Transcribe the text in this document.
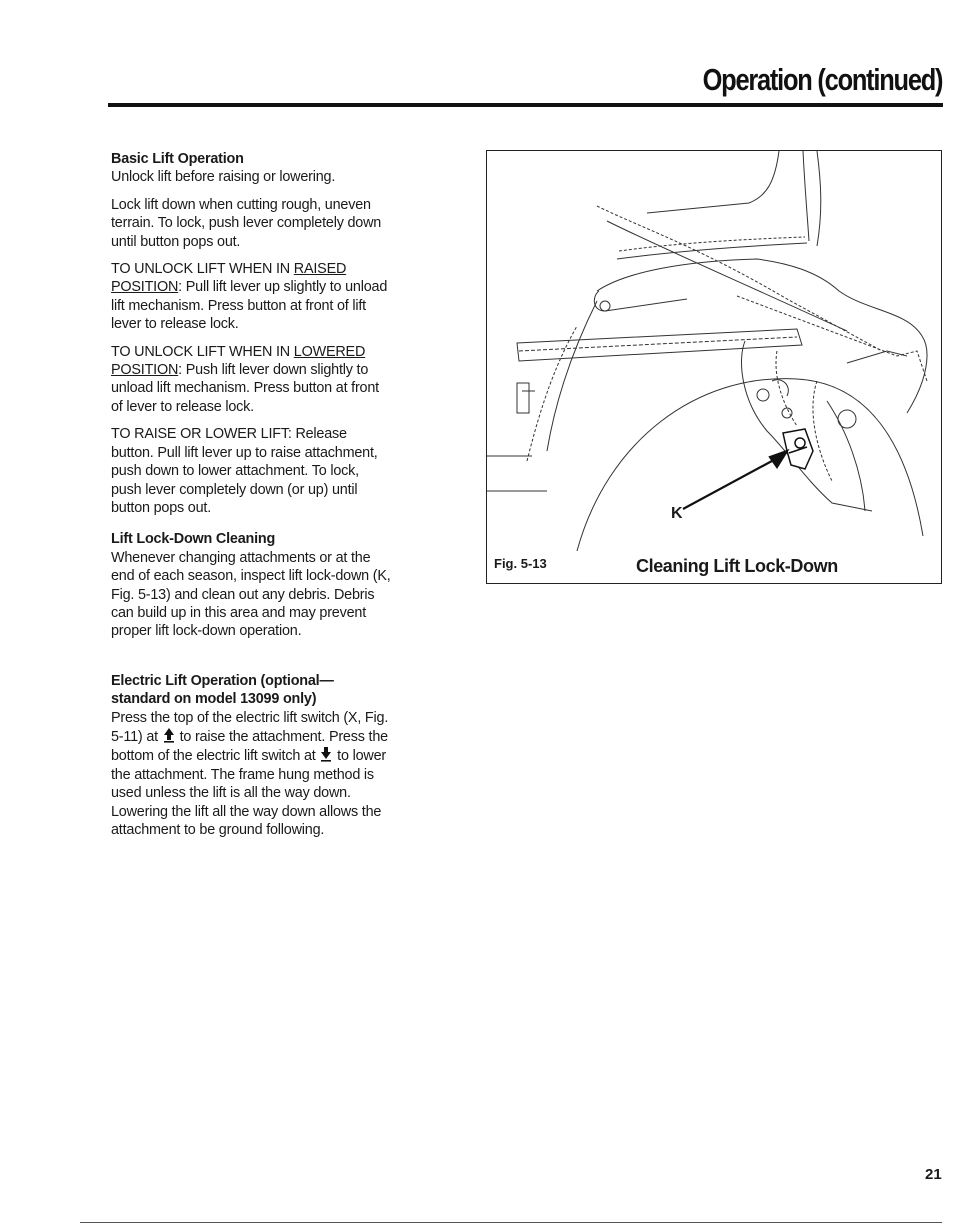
Operation (continued)
Basic Lift Operation

Unlock lift before raising or lowering.

Lock lift down when cutting rough, uneven terrain. To lock, push lever completely down until button pops out.

TO UNLOCK LIFT WHEN IN RAISED POSITION: Pull lift lever up slightly to unload lift mechanism. Press button at front of lift lever to release lock.

TO UNLOCK LIFT WHEN IN LOWERED POSITION: Push lift lever down slightly to unload lift mechanism. Press button at front of lever to release lock.

TO RAISE OR LOWER LIFT: Release button. Pull lift lever up to raise attachment, push down to lower attachment. To lock, push lever completely down (or up) until button pops out.

Lift Lock-Down Cleaning

Whenever changing attachments or at the end of each season, inspect lift lock-down (K, Fig. 5-13) and clean out any debris. Debris can build up in this area and may prevent proper lift lock-down operation.

Electric Lift Operation (optional— standard on model 13099 only)

Press the top of the electric lift switch (X, Fig. 5-11) at to raise the attachment. Press the bottom of the electric lift switch at to lower the attachment. The frame hung method is used unless the lift is all the way down. Lowering the lift all the way down allows the attachment to be ground following.

Fig. 5-13	Cleaning Lift Lock-Down
K
21
